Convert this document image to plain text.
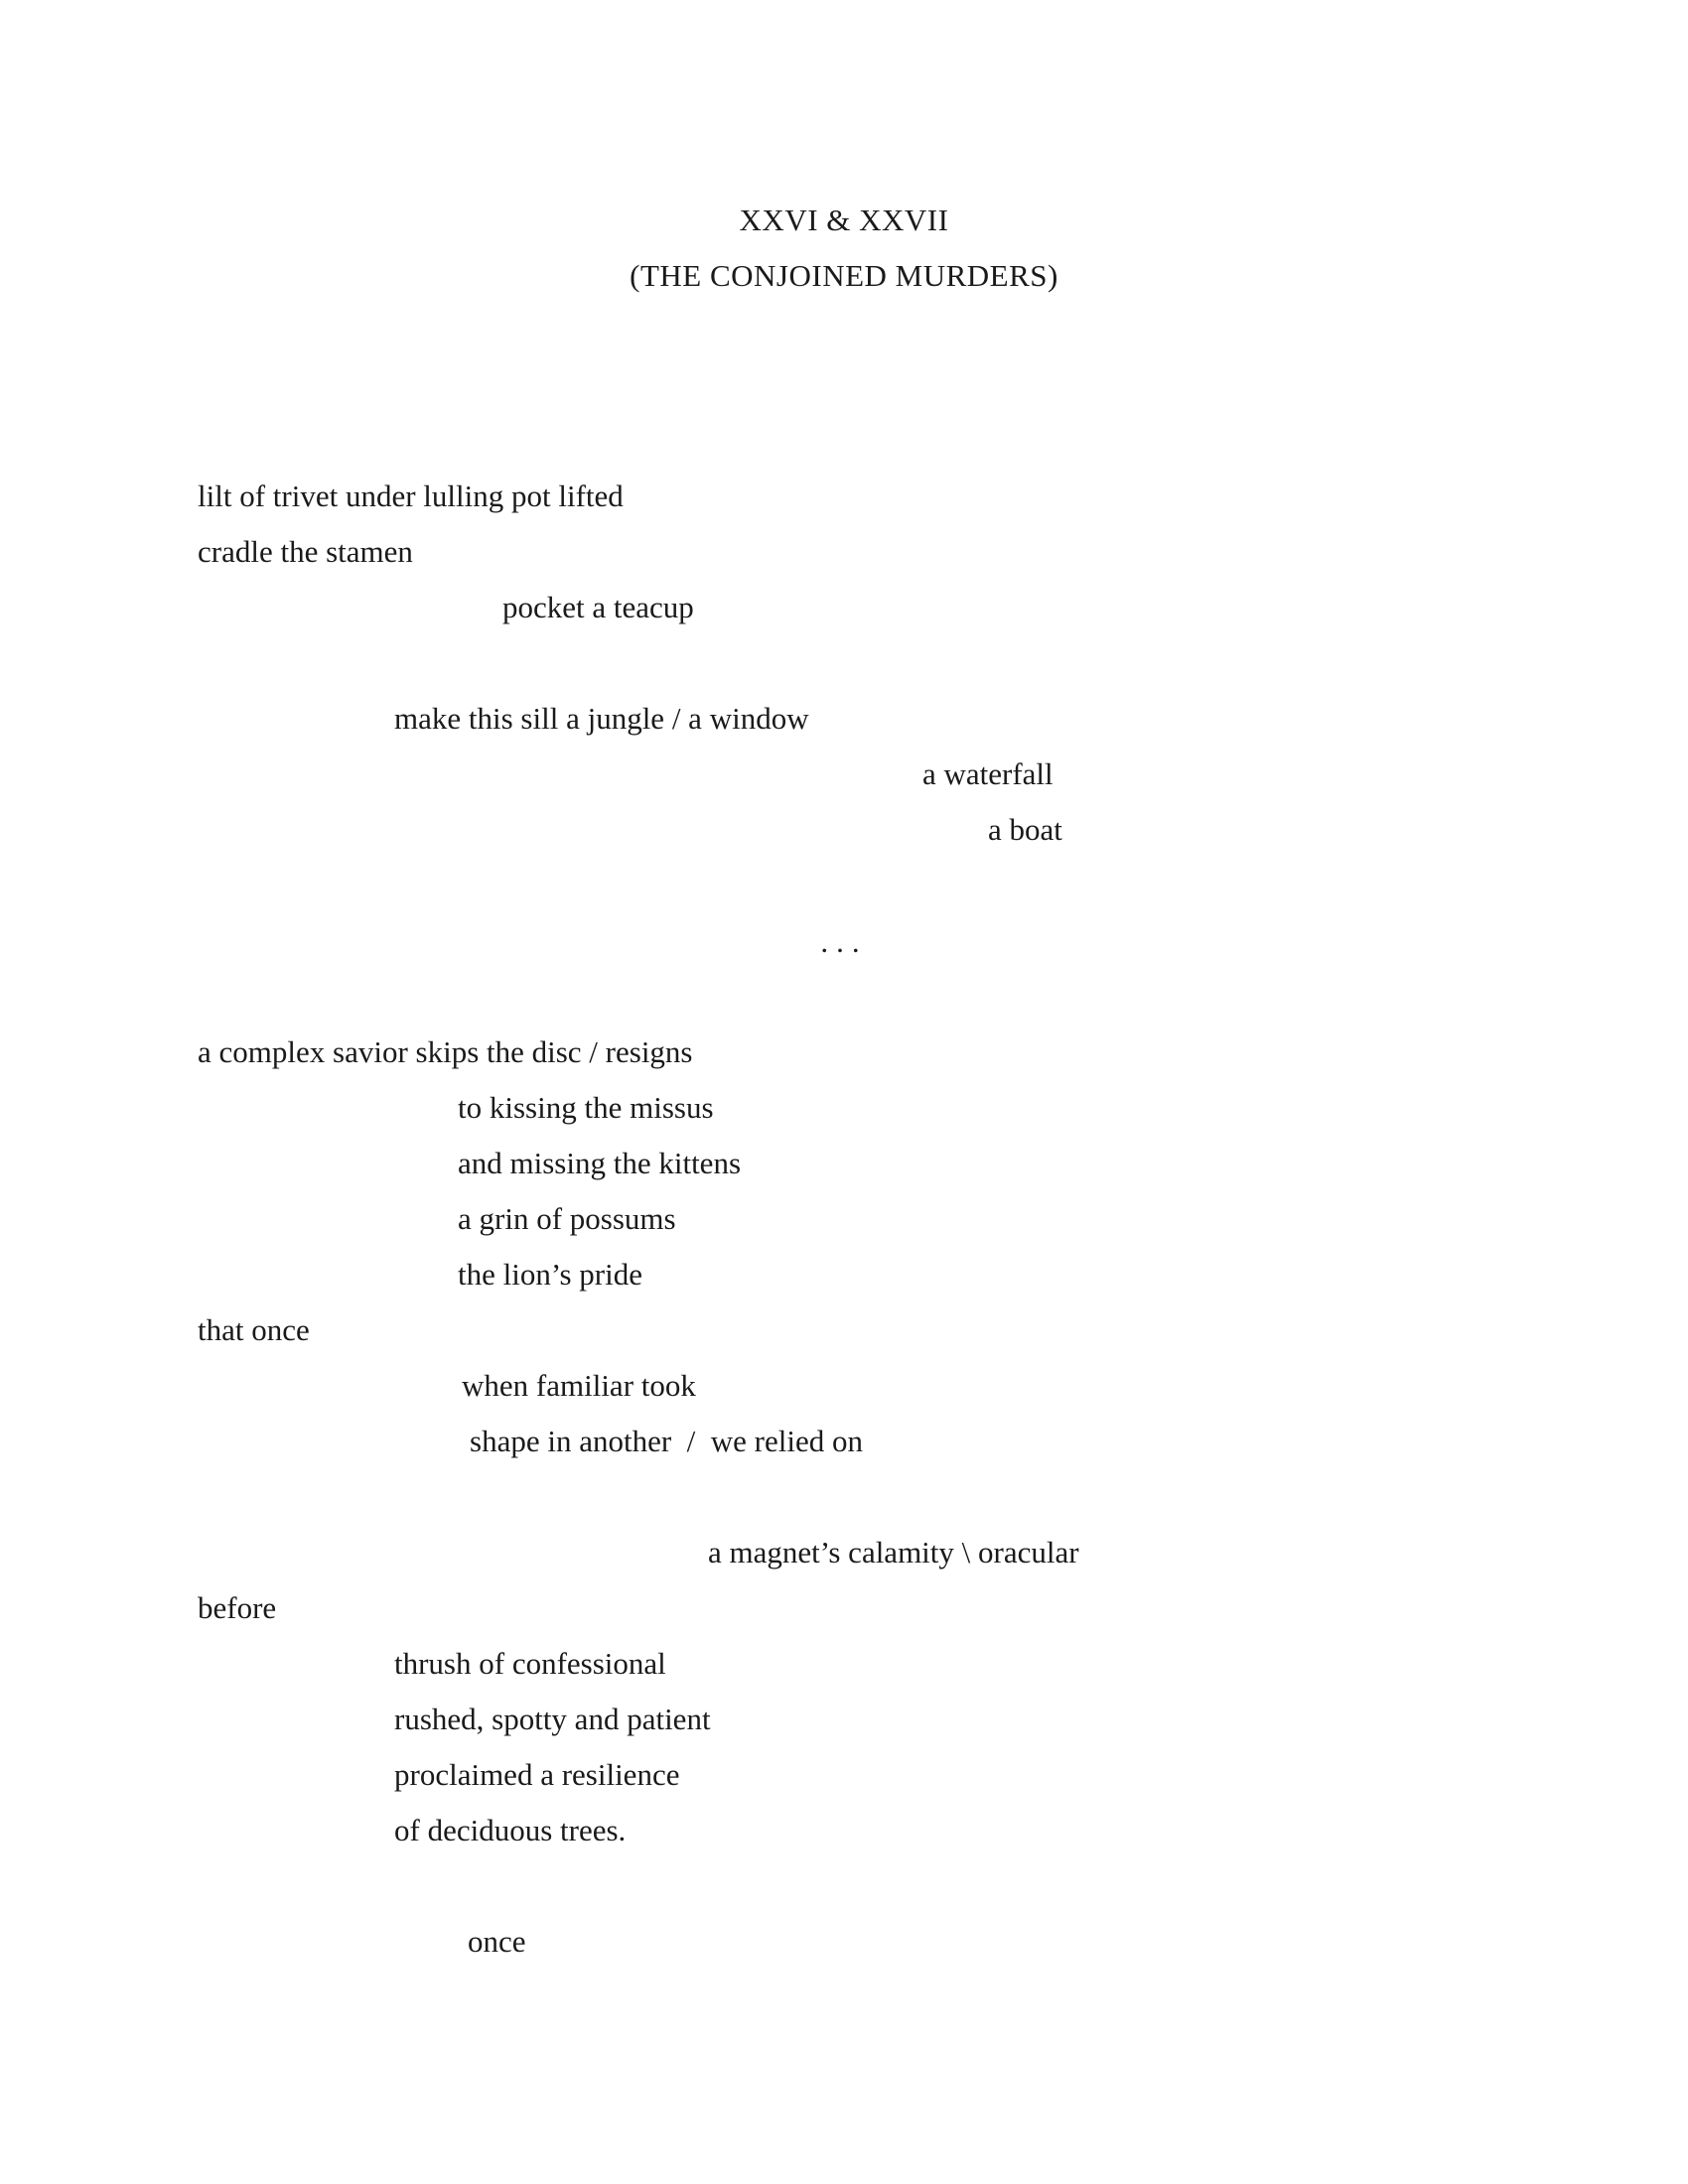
XXVI & XXVII
(THE CONJOINED MURDERS)
lilt of trivet under lulling pot lifted
cradle the stamen
pocket a teacup
make this sill a jungle / a window
a waterfall
a boat
...
a complex savior skips the disc / resigns
to kissing the missus
and missing the kittens
a grin of possums
the lion’s pride
that once
when familiar took
shape in another  /  we relied on
a magnet’s calamity \ oracular
before
thrush of confessional
rushed, spotty and patient
proclaimed a resilience
of deciduous trees.
once
